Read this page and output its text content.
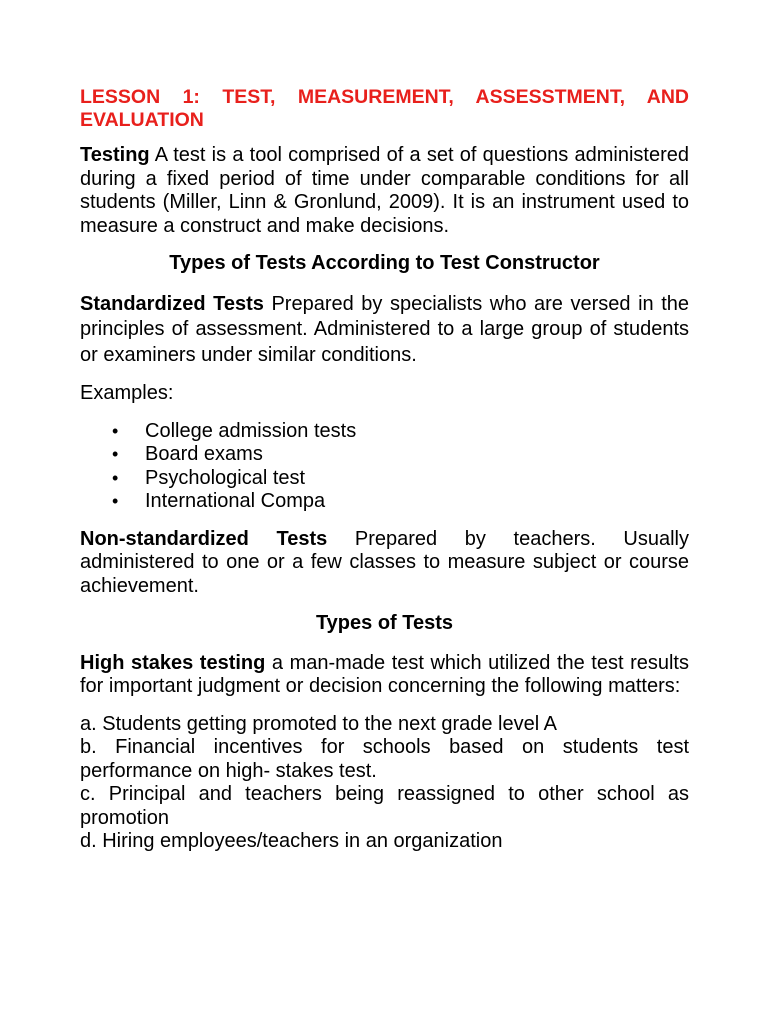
LESSON 1: TEST, MEASUREMENT, ASSESSTMENT, AND EVALUATION

Testing A test is a tool comprised of a set of questions administered during a fixed period of time under comparable conditions for all students (Miller, Linn & Gronlund, 2009). It is an instrument used to measure a construct and make decisions.

Types of Tests According to Test Constructor

Standardized Tests Prepared by specialists who are versed in the principles of assessment. Administered to a large group of students or examiners under similar conditions.

Examples:

• College admission tests
• Board exams
• Psychological test
• International Compa

Non-standardized Tests Prepared by teachers. Usually administered to one or a few classes to measure subject or course achievement.

Types of Tests

High stakes testing a man-made test which utilized the test results for important judgment or decision concerning the following matters:

a. Students getting promoted to the next grade level A

b. Financial incentives for schools based on students test performance on high- stakes test.

c. Principal and teachers being reassigned to other school as promotion

d. Hiring employees/teachers in an organization
